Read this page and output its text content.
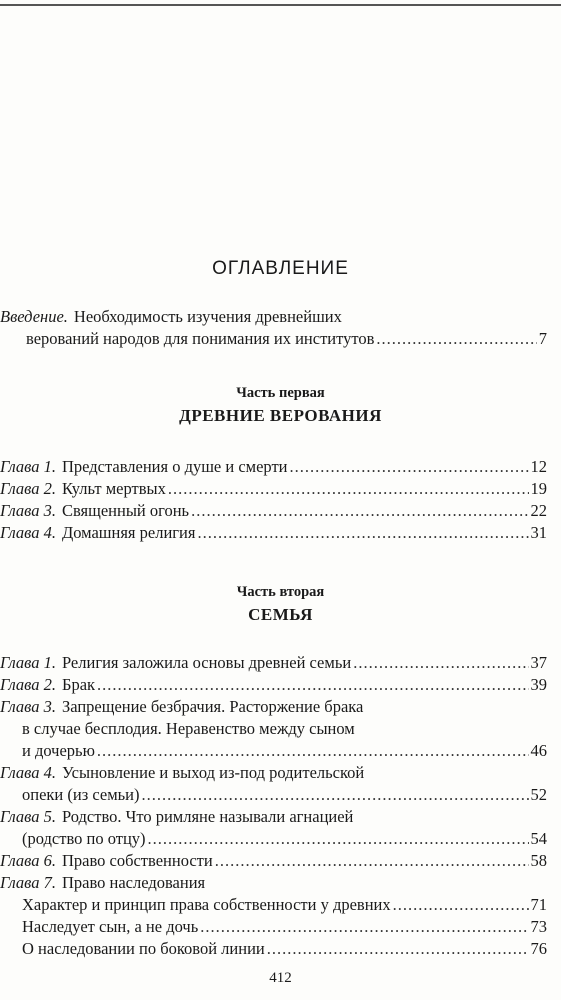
ОГЛАВЛЕНИЕ
Введение. Необходимость изучения древнейших
верований народов для понимания их институтов .....	7
Часть первая
ДРЕВНИЕ ВЕРОВАНИЯ
Глава 1. Представления о душе и смерти .....	12
Глава 2. Культ мертвых .....	19
Глава 3. Священный огонь .....	22
Глава 4. Домашняя религия .....	31
Часть вторая
СЕМЬЯ
Глава 1. Религия заложила основы древней семьи .....	37
Глава 2. Брак .....	39
Глава 3. Запрещение безбрачия. Расторжение брака
в случае бесплодия. Неравенство между сыном
и дочерью .....	46
Глава 4. Усыновление и выход из-под родительской
опеки (из семьи) .....	52
Глава 5. Родство. Что римляне называли агнацией
(родство по отцу) .....	54
Глава 6. Право собственности .....	58
Глава 7. Право наследования
Характер и принцип права собственности у древних .....	71
Наследует сын, а не дочь .....	73
О наследовании по боковой линии .....	76
412
